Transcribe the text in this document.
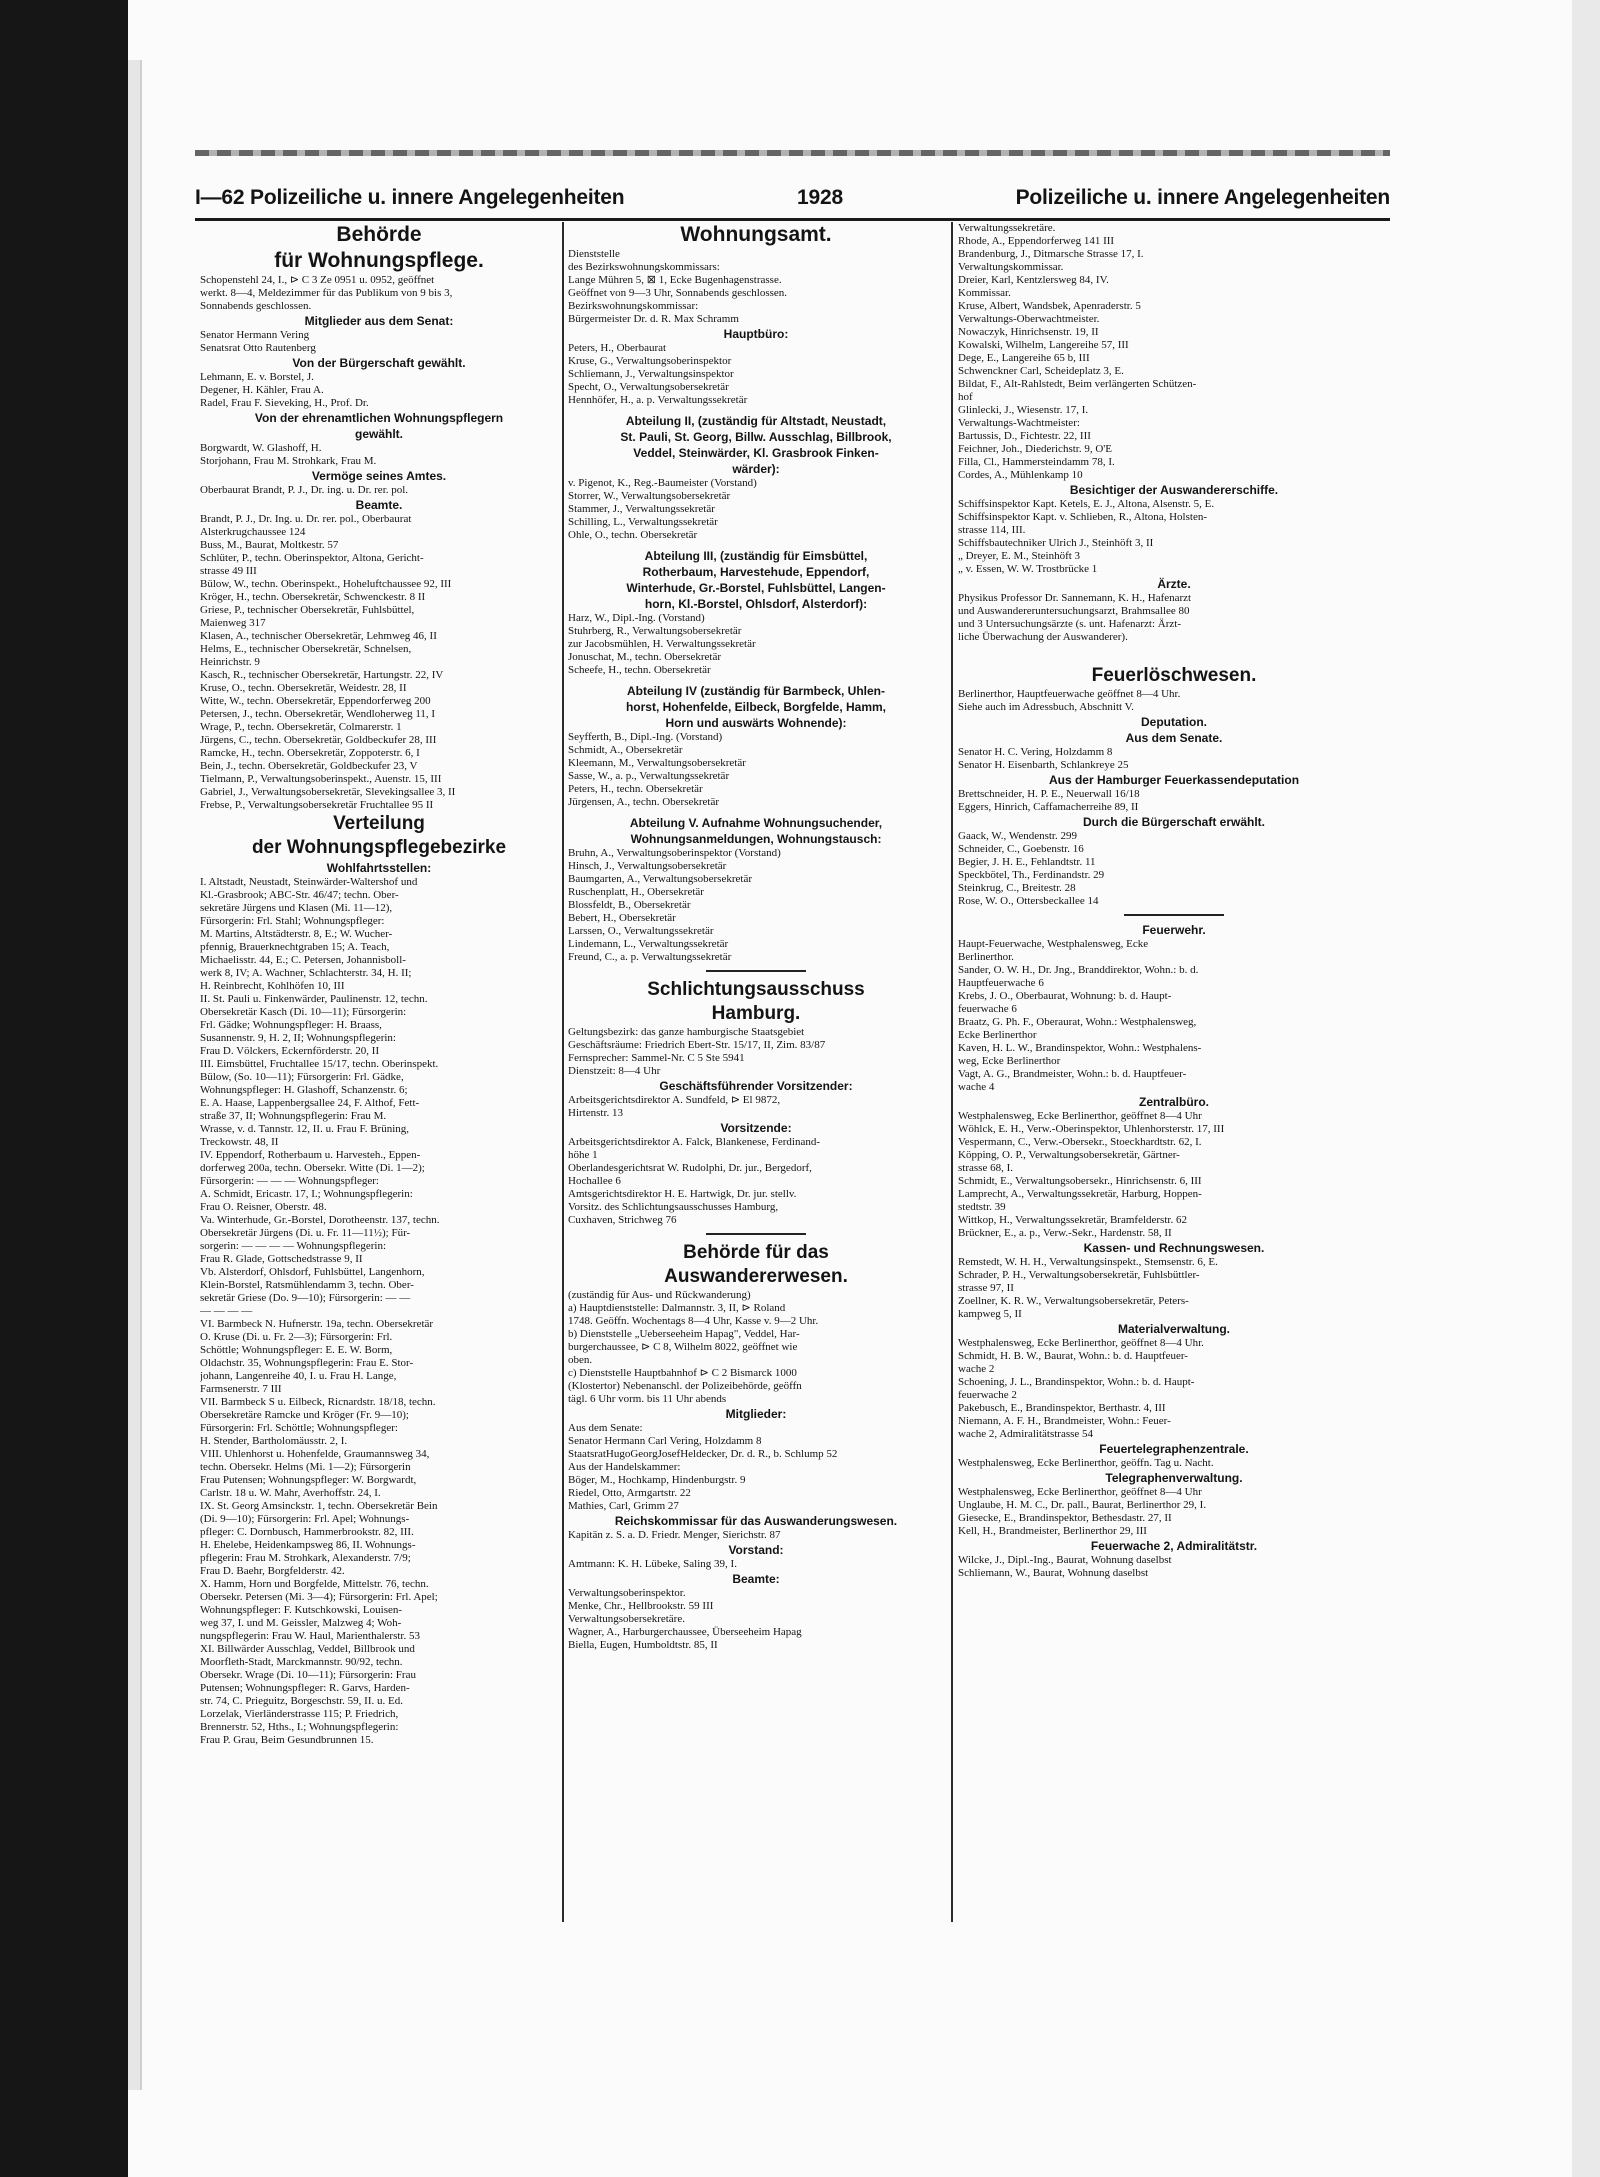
I—62 Polizeiliche u. innere Angelegenheiten	1928	Polizeiliche u. innere Angelegenheiten
Behörde
für Wohnungspflege.
Schopenstehl 24, I., ⊳ C 3 Ze 0951 u. 0952, geöffnet
werkt. 8—4, Meldezimmer für das Publikum von 9 bis 3,
Sonnabends geschlossen.
Mitglieder aus dem Senat:
Senator Hermann Vering
Senatsrat Otto Rautenberg
Von der Bürgerschaft gewählt.
Lehmann, E. v. Borstel, J.
Degener, H. Kähler, Frau A.
Radel, Frau F. Sieveking, H., Prof. Dr.
Von der ehrenamtlichen Wohnungspflegern
gewählt.
Borgwardt, W. Glashoff, H.
Storjohann, Frau M. Strohkark, Frau M.
Vermöge seines Amtes.
Oberbaurat Brandt, P. J., Dr. ing. u. Dr. rer. pol.
Beamte.
Brandt, P. J., Dr. Ing. u. Dr. rer. pol., Oberbaurat
Alsterkrugchaussee 124
Buss, M., Baurat, Moltkestr. 57
Schlüter, P., techn. Oberinspektor, Altona, Gericht-
strasse 49 III
Bülow, W., techn. Oberinspekt., Hoheluftchaussee 92, III
Kröger, H., techn. Obersekretär, Schwenckestr. 8 II
Griese, P., technischer Obersekretär, Fuhlsbüttel,
Maienweg 317
Klasen, A., technischer Obersekretär, Lehmweg 46, II
Helms, E., technischer Obersekretär, Schnelsen,
Heinrichstr. 9
Kasch, R., technischer Obersekretär, Hartungstr. 22, IV
Kruse, O., techn. Obersekretär, Weidestr. 28, II
Witte, W., techn. Obersekretär, Eppendorferweg 200
Petersen, J., techn. Obersekretär, Wendloherweg 11, I
Wrage, P., techn. Obersekretär, Colmarerstr. 1
Jürgens, C., techn. Obersekretär, Goldbeckufer 28, III
Ramcke, H., techn. Obersekretär, Zoppoterstr. 6, I
Bein, J., techn. Obersekretär, Goldbeckufer 23, V
Tielmann, P., Verwaltungsoberinspekt., Auenstr. 15, III
Gabriel, J., Verwaltungsobersekretär, Slevekingsallee 3, II
Frebse, P., Verwaltungsobersekretär Fruchtallee 95 II
Verteilung
der Wohnungspflegebezirke
Wohlfahrtsstellen:
I. Altstadt, Neustadt, Steinwärder-Waltershof und
Kl.-Grasbrook; ABC-Str. 46/47; techn. Ober-
sekretäre Jürgens und Klasen (Mi. 11—12),
Fürsorgerin: Frl. Stahl; Wohnungspfleger:
M. Martins, Altstädterstr. 8, E.; W. Wucher-
pfennig, Brauerknechtgraben 15; A. Teach,
Michaelisstr. 44, E.; C. Petersen, Johannisboll-
werk 8, IV; A. Wachner, Schlachterstr. 34, H. II;
H. Reinbrecht, Kohlhöfen 10, III
II. St. Pauli u. Finkenwärder, Paulinenstr. 12, techn.
Obersekretär Kasch (Di. 10—11); Fürsorgerin:
Frl. Gädke; Wohnungspfleger: H. Braass,
Susannenstr. 9, H. 2, II; Wohnungspflegerin:
Frau D. Völckers, Eckernförderstr. 20, II
III. Eimsbüttel, Fruchtallee 15/17, techn. Oberinspekt.
Bülow, (So. 10—11); Fürsorgerin: Frl. Gädke,
Wohnungspfleger: H. Glashoff, Schanzenstr. 6;
E. A. Haase, Lappenbergsallee 24, F. Althof, Fett-
straße 37, II; Wohnungspflegerin: Frau M.
Wrasse, v. d. Tannstr. 12, II. u. Frau F. Brüning,
Treckowstr. 48, II
IV. Eppendorf, Rotherbaum u. Harvesteh., Eppen-
dorferweg 200a, techn. Obersekr. Witte (Di. 1—2);
Fürsorgerin: — — — Wohnungspfleger:
A. Schmidt, Ericastr. 17, I.; Wohnungspflegerin:
Frau O. Reisner, Oberstr. 48.
Va. Winterhude, Gr.-Borstel, Dorotheenstr. 137, techn.
Obersekretär Jürgens (Di. u. Fr. 11—11½); Für-
sorgerin: — — — — Wohnungspflegerin:
Frau R. Glade, Gottschedstrasse 9, II
Vb. Alsterdorf, Ohlsdorf, Fuhlsbüttel, Langenhorn,
Klein-Borstel, Ratsmühlendamm 3, techn. Ober-
sekretär Griese (Do. 9—10); Fürsorgerin: — —
— — — —
VI. Barmbeck N. Hufnerstr. 19a, techn. Obersekretär
O. Kruse (Di. u. Fr. 2—3); Fürsorgerin: Frl.
Schöttle; Wohnungspfleger: E. E. W. Borm,
Oldachstr. 35, Wohnungspflegerin: Frau E. Stor-
johann, Langenreihe 40, I. u. Frau H. Lange,
Farmsenerstr. 7 III
VII. Barmbeck S u. Eilbeck, Ricnardstr. 18/18, techn.
Obersekretäre Ramcke und Kröger (Fr. 9—10);
Fürsorgerin: Frl. Schöttle; Wohnungspfleger:
H. Stender, Bartholomäusstr. 2, I.
VIII. Uhlenhorst u. Hohenfelde, Graumannsweg 34,
techn. Obersekr. Helms (Mi. 1—2); Fürsorgerin
Frau Putensen; Wohnungspfleger: W. Borgwardt,
Carlstr. 18 u. W. Mahr, Averhoffstr. 24, I.
IX. St. Georg Amsinckstr. 1, techn. Obersekretär Bein
(Di. 9—10); Fürsorgerin: Frl. Apel; Wohnungs-
pfleger: C. Dornbusch, Hammerbrookstr. 82, III.
H. Ehelebe, Heidenkampsweg 86, II. Wohnungs-
pflegerin: Frau M. Strohkark, Alexanderstr. 7/9;
Frau D. Baehr, Borgfelderstr. 42.
X. Hamm, Horn und Borgfelde, Mittelstr. 76, techn.
Obersekr. Petersen (Mi. 3—4); Fürsorgerin: Frl. Apel;
Wohnungspfleger: F. Kutschkowski, Louisen-
weg 37, I. und M. Geissler, Malzweg 4; Woh-
nungspflegerin: Frau W. Haul, Marienthalerstr. 53
XI. Billwärder Ausschlag, Veddel, Billbrook und
Moorfleth-Stadt, Marckmannstr. 90/92, techn.
Obersekr. Wrage (Di. 10—11); Fürsorgerin: Frau
Putensen; Wohnungspfleger: R. Garvs, Harden-
str. 74, C. Prieguitz, Borgeschstr. 59, II. u. Ed.
Lorzelak, Vierländerstrasse 115; P. Friedrich,
Brennerstr. 52, Hths., I.; Wohnungspflegerin:
Frau P. Grau, Beim Gesundbrunnen 15.
Wohnungsamt.
Dienststelle
des Bezirkswohnungskommissars:
Lange Mühren 5, ⊠ 1, Ecke Bugenhagenstrasse.
Geöffnet von 9—3 Uhr, Sonnabends geschlossen.
Bezirkswohnungskommissar:
Bürgermeister Dr. d. R. Max Schramm
Hauptbüro:
Peters, H., Oberbaurat
Kruse, G., Verwaltungsoberinspektor
Schliemann, J., Verwaltungsinspektor
Specht, O., Verwaltungsobersekretär
Hennhöfer, H., a. p. Verwaltungssekretär
Abteilung II, (zuständig für Altstadt, Neustadt,
St. Pauli, St. Georg, Billw. Ausschlag, Billbrook,
Veddel, Steinwärder, Kl. Grasbrook Finken-
wärder):
v. Pigenot, K., Reg.-Baumeister (Vorstand)
Storrer, W., Verwaltungsobersekretär
Stammer, J., Verwaltungssekretär
Schilling, L., Verwaltungssekretär
Ohle, O., techn. Obersekretär
Abteilung III, (zuständig für Eimsbüttel,
Rotherbaum, Harvestehude, Eppendorf,
Winterhude, Gr.-Borstel, Fuhlsbüttel, Langen-
horn, Kl.-Borstel, Ohlsdorf, Alsterdorf):
Harz, W., Dipl.-Ing. (Vorstand)
Stuhrberg, R., Verwaltungsobersekretär
zur Jacobsmühlen, H. Verwaltungssekretär
Jonuschat, M., techn. Obersekretär
Scheefe, H., techn. Obersekretär
Abteilung IV (zuständig für Barmbeck, Uhlen-
horst, Hohenfelde, Eilbeck, Borgfelde, Hamm,
Horn und auswärts Wohnende):
Seyfferth, B., Dipl.-Ing. (Vorstand)
Schmidt, A., Obersekretär
Kleemann, M., Verwaltungsobersekretär
Sasse, W., a. p., Verwaltungssekretär
Peters, H., techn. Obersekretär
Jürgensen, A., techn. Obersekretär
Abteilung V. Aufnahme Wohnungsuchender,
Wohnungsanmeldungen, Wohnungstausch:
Bruhn, A., Verwaltungsoberinspektor (Vorstand)
Hinsch, J., Verwaltungsobersekretär
Baumgarten, A., Verwaltungsobersekretär
Ruschenplatt, H., Obersekretär
Blossfeldt, B., Obersekretär
Bebert, H., Obersekretär
Larssen, O., Verwaltungssekretär
Lindemann, L., Verwaltungssekretär
Freund, C., a. p. Verwaltungssekretär
Schlichtungsausschuss
Hamburg.
Geltungsbezirk: das ganze hamburgische Staatsgebiet
Geschäftsräume: Friedrich Ebert-Str. 15/17, II, Zim. 83/87
Fernsprecher: Sammel-Nr. C 5 Ste 5941
Dienstzeit: 8—4 Uhr
Geschäftsführender Vorsitzender:
Arbeitsgerichtsdirektor A. Sundfeld, ⊳ El 9872,
Hirtenstr. 13
Vorsitzende:
Arbeitsgerichtsdirektor A. Falck, Blankenese, Ferdinand-
höhe 1
Oberlandesgerichtsrat W. Rudolphi, Dr. jur., Bergedorf,
Hochallee 6
Amtsgerichtsdirektor H. E. Hartwigk, Dr. jur. stellv.
Vorsitz. des Schlichtungsausschusses Hamburg,
Cuxhaven, Strichweg 76
Behörde für das
Auswandererwesen.
(zuständig für Aus- und Rückwanderung)
a) Hauptdienststelle: Dalmannstr. 3, II, ⊳ Roland
1748. Geöffn. Wochentags 8—4 Uhr, Kasse v. 9—2 Uhr.
b) Dienststelle „Ueberseeheim Hapag", Veddel, Har-
burgerchaussee, ⊳ C 8, Wilhelm 8022, geöffnet wie
oben.
c) Dienststelle Hauptbahnhof ⊳ C 2 Bismarck 1000
(Klostertor) Nebenanschl. der Polizeibehörde, geöffn
tägl. 6 Uhr vorm. bis 11 Uhr abends
Mitglieder:
Aus dem Senate:
Senator Hermann Carl Vering, Holzdamm 8
StaatsratHugoGeorgJosefHeldecker, Dr. d. R., b. Schlump 52
Aus der Handelskammer:
Böger, M., Hochkamp, Hindenburgstr. 9
Riedel, Otto, Armgartstr. 22
Mathies, Carl, Grimm 27
Reichskommissar für das Auswanderungswesen.
Kapitän z. S. a. D. Friedr. Menger, Sierichstr. 87
Vorstand:
Amtmann: K. H. Lübeke, Saling 39, I.
Beamte:
Verwaltungsoberinspektor.
Menke, Chr., Hellbrookstr. 59 III
Verwaltungsobersekretäre.
Wagner, A., Harburgerchaussee, Überseeheim Hapag
Biella, Eugen, Humboldtstr. 85, II
Verwaltungssekretäre.
Rhode, A., Eppendorferweg 141 III
Brandenburg, J., Ditmarsche Strasse 17, I.
Verwaltungskommissar.
Dreier, Karl, Kentzlersweg 84, IV.
Kommissar.
Kruse, Albert, Wandsbek, Apenraderstr. 5
Verwaltungs-Oberwachtmeister.
Nowaczyk, Hinrichsenstr. 19, II
Kowalski, Wilhelm, Langereihe 57, III
Dege, E., Langereihe 65 b, III
Schwenckner Carl, Scheideplatz 3, E.
Bildat, F., Alt-Rahlstedt, Beim verlängerten Schützen-
hof
Glinlecki, J., Wiesenstr. 17, I.
Verwaltungs-Wachtmeister:
Bartussis, D., Fichtestr. 22, III
Feichner, Joh., Diederichstr. 9, O'E
Filla, Cl., Hammersteindamm 78, I.
Cordes, A., Mühlenkamp 10
Besichtiger der Auswandererschiffe.
Schiffsinspektor Kapt. Ketels, E. J., Altona, Alsenstr. 5, E.
Schiffsinspektor Kapt. v. Schlieben, R., Altona, Holsten-
strasse 114, III.
Schiffsbautechniker Ulrich J., Steinhöft 3, II
„ Dreyer, E. M., Steinhöft 3
„ v. Essen, W. W. Trostbrücke 1
Ärzte.
Physikus Professor Dr. Sannemann, K. H., Hafenarzt
und Auswandereruntersuchungsarzt, Brahmsallee 80
und 3 Untersuchungsärzte (s. unt. Hafenarzt: Ärzt-
liche Überwachung der Auswanderer).
Feuerlöschwesen.
Berlinerthor, Hauptfeuerwache geöffnet 8—4 Uhr.
Siehe auch im Adressbuch, Abschnitt V.
Deputation.
Aus dem Senate.
Senator H. C. Vering, Holzdamm 8
Senator H. Eisenbarth, Schlankreye 25
Aus der Hamburger Feuerkassendeputation
Brettschneider, H. P. E., Neuerwall 16/18
Eggers, Hinrich, Caffamacherreihe 89, II
Durch die Bürgerschaft erwählt.
Gaack, W., Wendenstr. 299
Schneider, C., Goebenstr. 16
Begier, J. H. E., Fehlandtstr. 11
Speckbötel, Th., Ferdinandstr. 29
Steinkrug, C., Breitestr. 28
Rose, W. O., Ottersbeckallee 14
Feuerwehr.
Haupt-Feuerwache, Westphalensweg, Ecke
Berlinerthor.
Sander, O. W. H., Dr. Jng., Branddirektor, Wohn.: b. d.
Hauptfeuerwache 6
Krebs, J. O., Oberbaurat, Wohnung: b. d. Haupt-
feuerwache 6
Braatz, G. Ph. F., Oberaurat, Wohn.: Westphalensweg,
Ecke Berlinerthor
Kaven, H. L. W., Brandinspektor, Wohn.: Westphalens-
weg, Ecke Berlinerthor
Vagt, A. G., Brandmeister, Wohn.: b. d. Hauptfeuer-
wache 4
Zentralbüro.
Westphalensweg, Ecke Berlinerthor, geöffnet 8—4 Uhr
Wöhlck, E. H., Verw.-Oberinspektor, Uhlenhorsterstr. 17, III
Vespermann, C., Verw.-Obersekr., Stoeckhardtstr. 62, I.
Köpping, O. P., Verwaltungsobersekretär, Gärtner-
strasse 68, I.
Schmidt, E., Verwaltungsobersekr., Hinrichsenstr. 6, III
Lamprecht, A., Verwaltungssekretär, Harburg, Hoppen-
stedtstr. 39
Wittkop, H., Verwaltungssekretär, Bramfelderstr. 62
Brückner, E., a. p., Verw.-Sekr., Hardenstr. 58, II
Kassen- und Rechnungswesen.
Remstedt, W. H. H., Verwaltungsinspekt., Stemsenstr. 6, E.
Schrader, P. H., Verwaltungsobersekretär, Fuhlsbüttler-
strasse 97, II
Zoellner, K. R. W., Verwaltungsobersekretär, Peters-
kampweg 5, II
Materialverwaltung.
Westphalensweg, Ecke Berlinerthor, geöffnet 8—4 Uhr.
Schmidt, H. B. W., Baurat, Wohn.: b. d. Hauptfeuer-
wache 2
Schoening, J. L., Brandinspektor, Wohn.: b. d. Haupt-
feuerwache 2
Pakebusch, E., Brandinspektor, Berthastr. 4, III
Niemann, A. F. H., Brandmeister, Wohn.: Feuer-
wache 2, Admiralitätstrasse 54
Feuertelegraphenzentrale.
Westphalensweg, Ecke Berlinerthor, geöffn. Tag u. Nacht.
Telegraphenverwaltung.
Westphalensweg, Ecke Berlinerthor, geöffnet 8—4 Uhr
Unglaube, H. M. C., Dr. pall., Baurat, Berlinerthor 29, I.
Giesecke, E., Brandinspektor, Bethesdastr. 27, II
Kell, H., Brandmeister, Berlinerthor 29, III
Feuerwache 2, Admiralitätstr.
Wilcke, J., Dipl.-Ing., Baurat, Wohnung daselbst
Schliemann, W., Baurat, Wohnung daselbst
